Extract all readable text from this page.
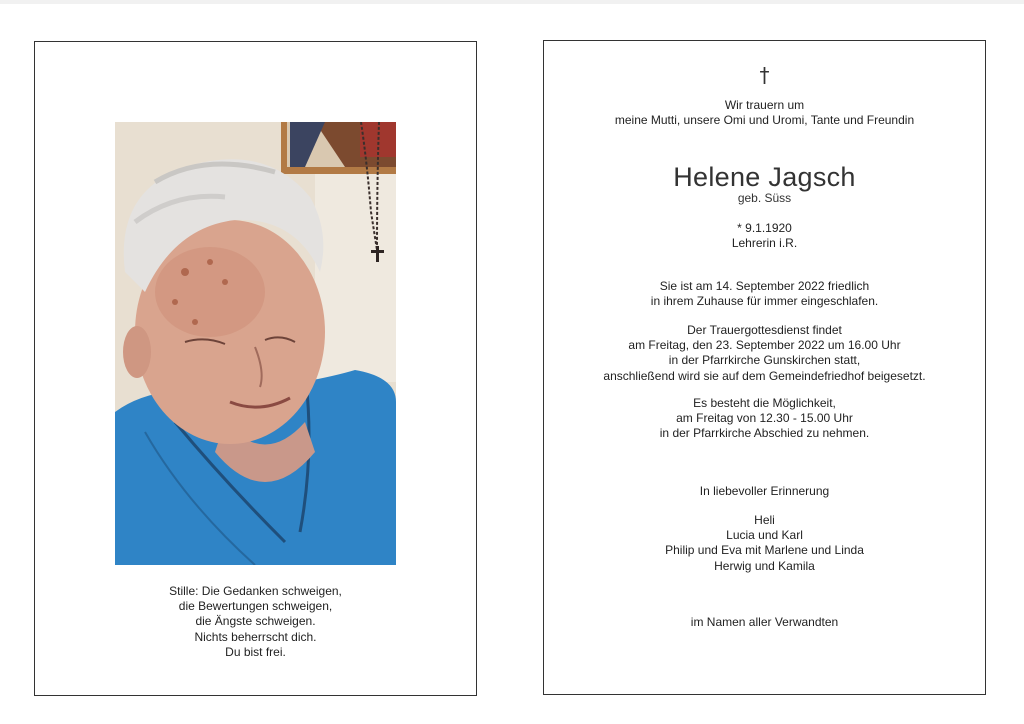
Stille: Die Gedanken schweigen,
die Bewertungen schweigen,
die Ängste schweigen.
Nichts beherrscht dich.
Du bist frei.
†
Wir trauern um
meine Mutti, unsere Omi und Uromi, Tante und Freundin
Helene Jagsch
geb. Süss
* 9.1.1920
Lehrerin i.R.
Sie ist am 14. September 2022 friedlich
in ihrem Zuhause für immer eingeschlafen.
Der Trauergottesdienst findet
am Freitag, den 23. September 2022 um 16.00 Uhr
in der Pfarrkirche Gunskirchen statt,
anschließend wird sie auf dem Gemeindefriedhof beigesetzt.
Es besteht die Möglichkeit,
am Freitag von 12.30 - 15.00 Uhr
in der Pfarrkirche Abschied zu nehmen.
In liebevoller Erinnerung
Heli
Lucia und Karl
Philip und Eva mit Marlene und Linda
Herwig und Kamila
im Namen aller Verwandten
